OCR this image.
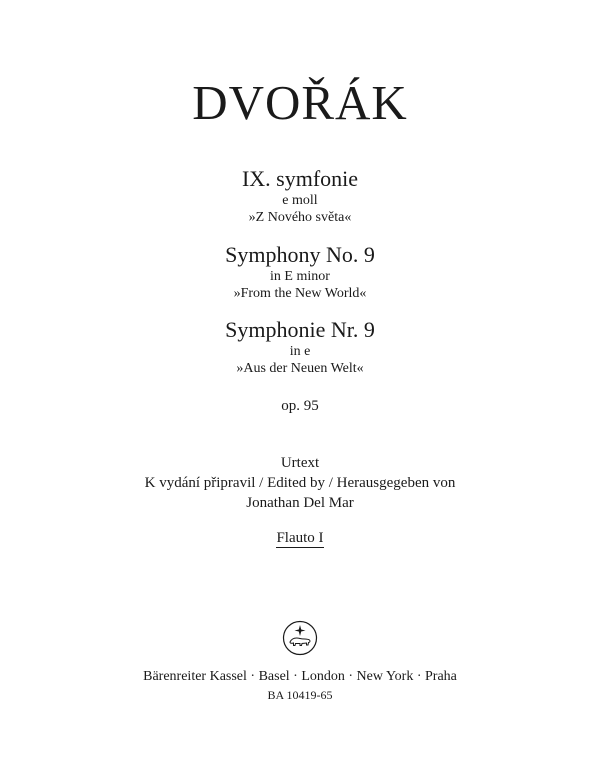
DVOŘÁK
IX. symfonie
e moll
»Z Nového světa«
Symphony No. 9
in E minor
»From the New World«
Symphonie Nr. 9
in e
»Aus der Neuen Welt«
op. 95
Urtext
K vydání připravil / Edited by / Herausgegeben von
Jonathan Del Mar
Flauto I
Bärenreiter Kassel · Basel · London · New York · Praha
BA 10419-65
